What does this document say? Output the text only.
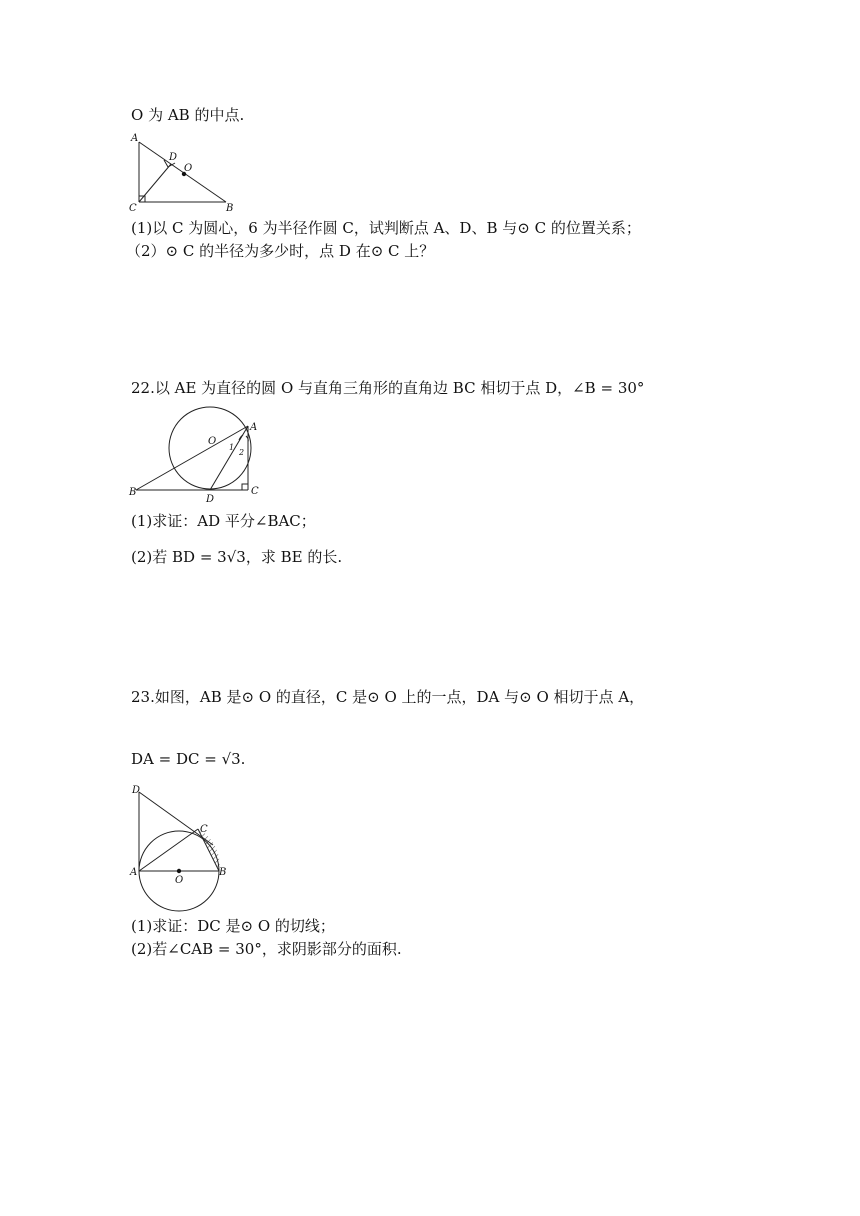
O 为 AB 的中点.
A
D
O
C	B
(1)以 C 为圆心，6 为半径作圆 C，试判断点 A、D、B 与⊙ C 的位置关系；
（2）⊙ C 的半径为多少时，点 D 在⊙ C 上？
22.以 AE 为直径的圆 O 与直角三角形的直角边 BC 相切于点 D，∠B = 30°
A
B	C
D
O
1
2
(1)求证：AD 平分∠BAC；
(2)若 BD = 3√3，求 BE 的长.
23.如图，AB 是⊙ O 的直径，C 是⊙ O 上的一点，DA 与⊙ O 相切于点 A，
DA = DC = √3.
D
C
A	B
O
(1)求证：DC 是⊙ O 的切线；
(2)若∠CAB = 30°，求阴影部分的面积.
